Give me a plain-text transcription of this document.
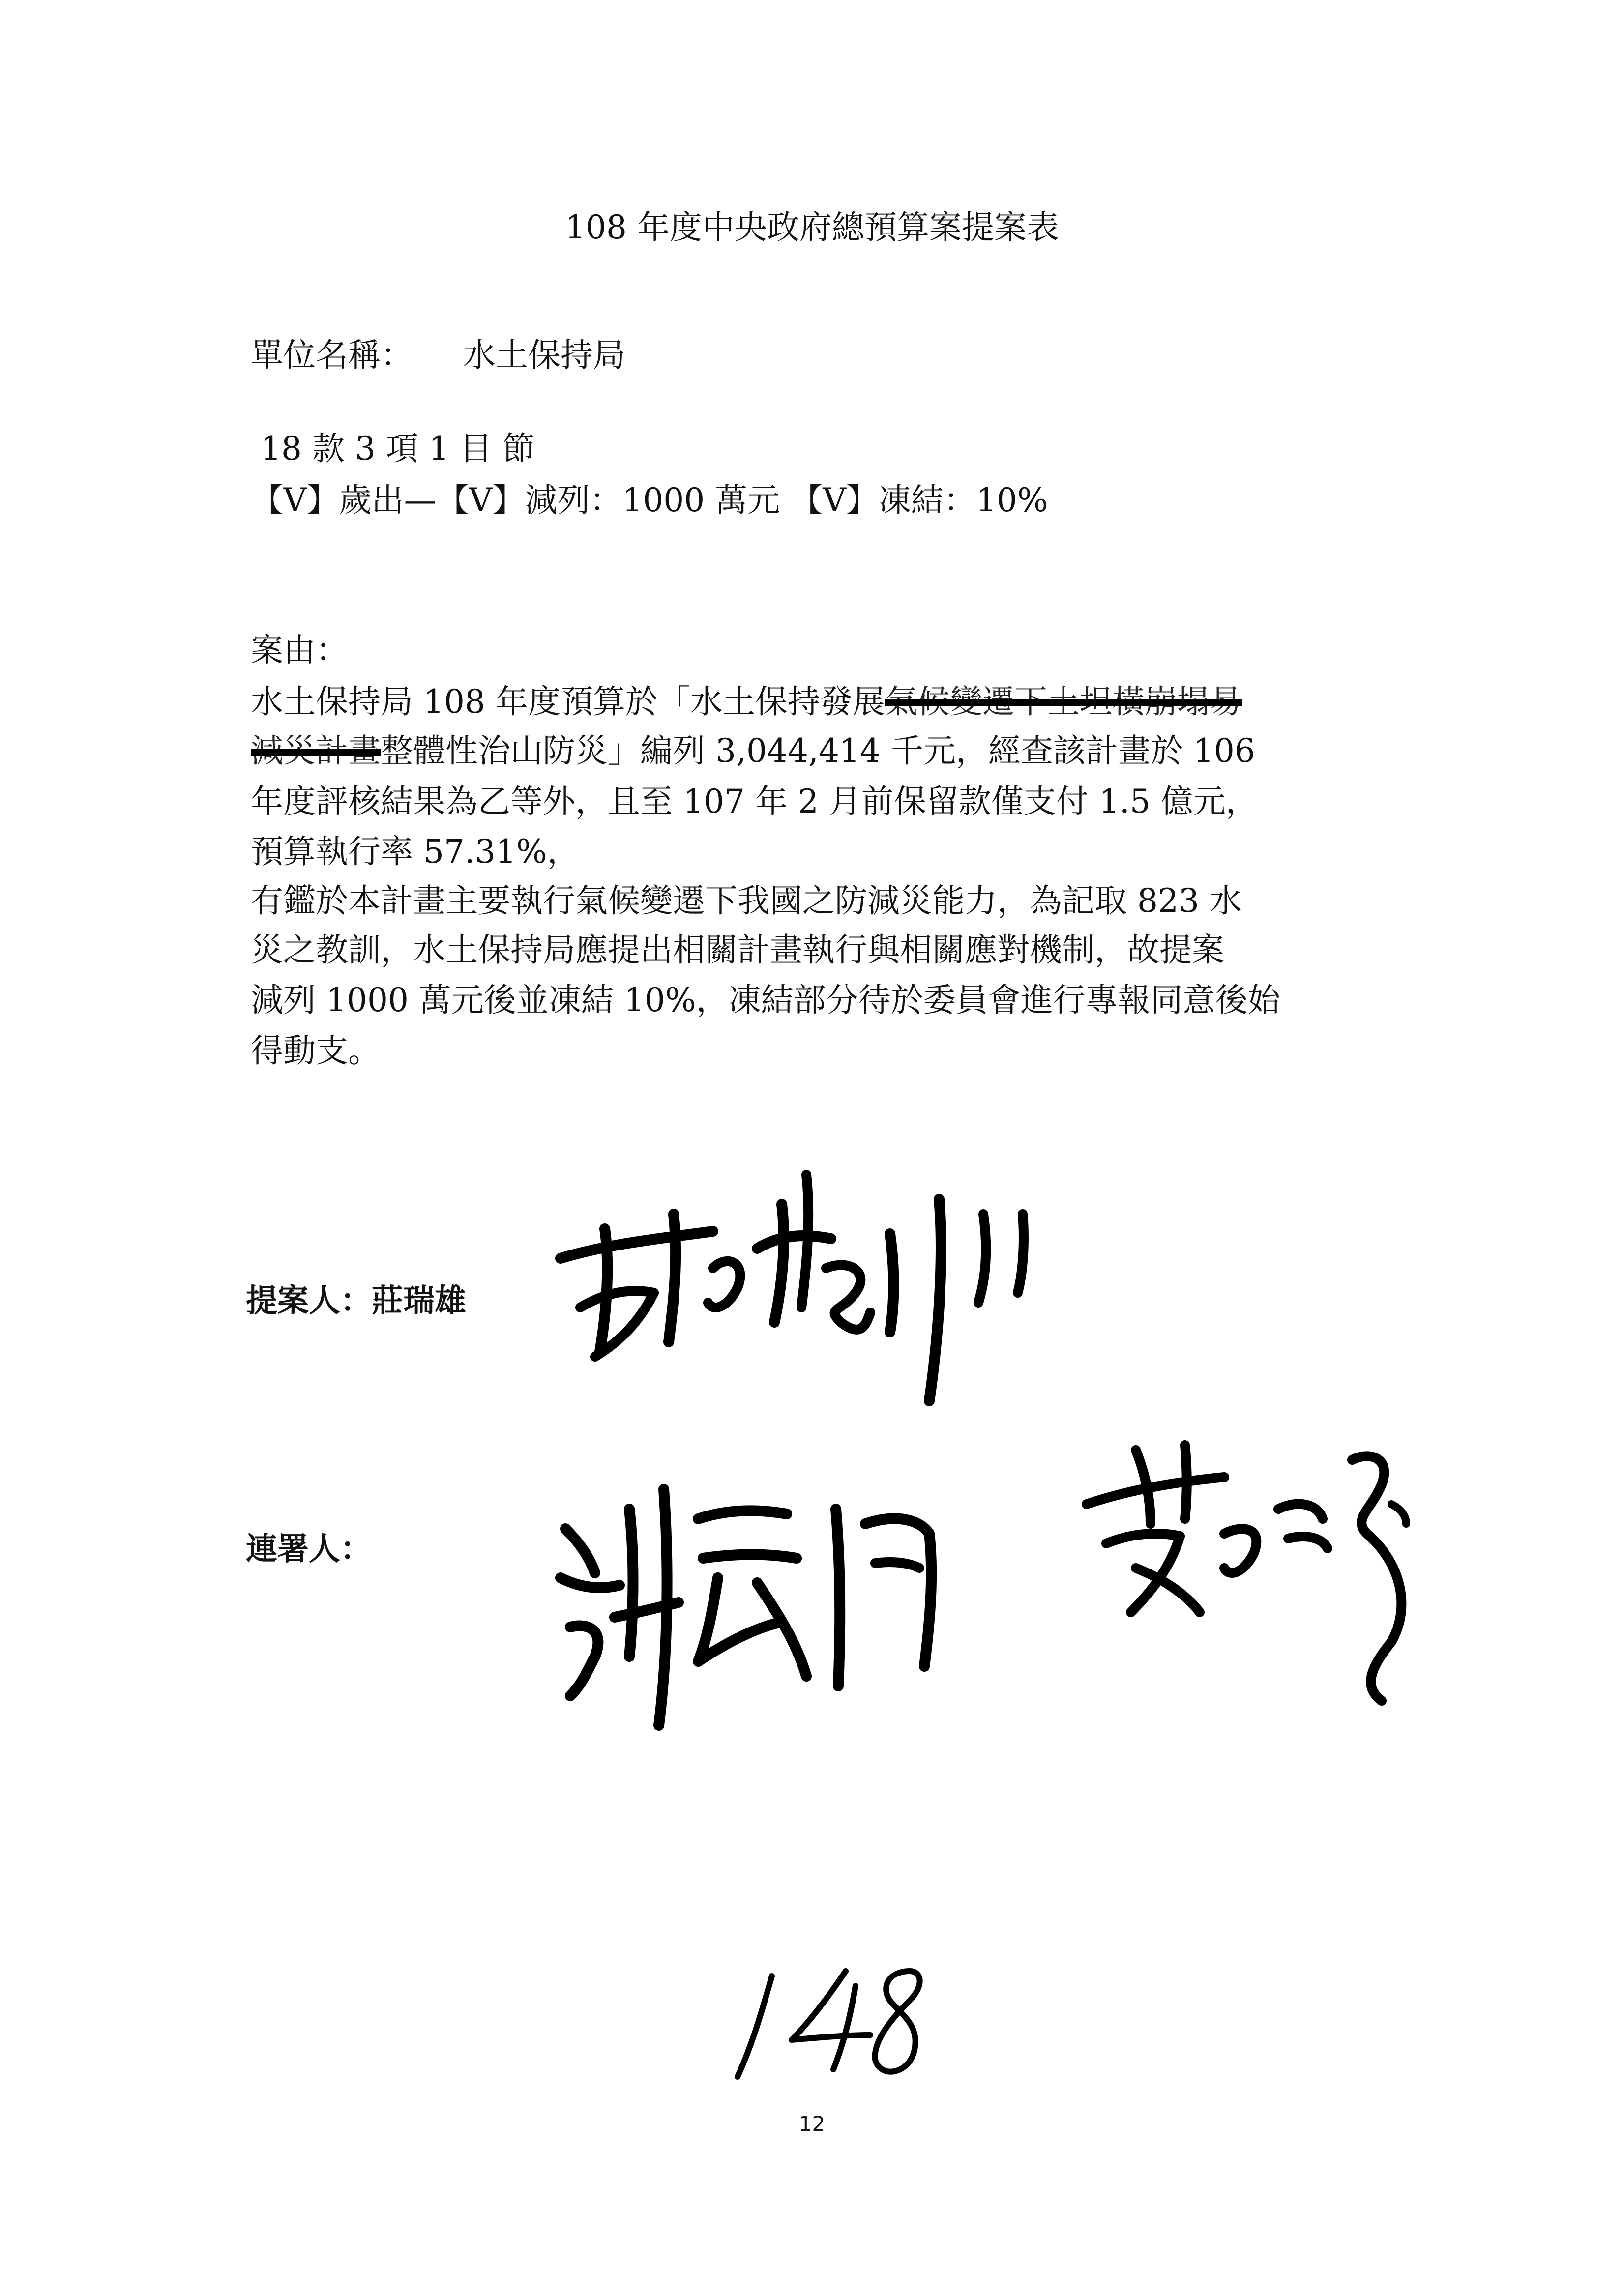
108 年度中央政府總預算案提案表
單位名稱： 水土保持局
18 款 3 項 1 目 節
【V】歲出—【V】減列：1000 萬元 【V】凍結：10%
案由：
水土保持局 108 年度預算於「水土保持發展氣候變遷下土坦橫崩塌易
減災計畫整體性治山防災」編列 3,044,414 千元，經查該計畫於 106
年度評核結果為乙等外，且至 107 年 2 月前保留款僅支付 1.5 億元，
預算執行率 57.31%，
有鑑於本計畫主要執行氣候變遷下我國之防減災能力，為記取 823 水
災之教訓，水土保持局應提出相關計畫執行與相關應對機制，故提案
減列 1000 萬元後並凍結 10%，凍結部分待於委員會進行專報同意後始
得動支。
提案人：莊瑞雄
連署人：
12
